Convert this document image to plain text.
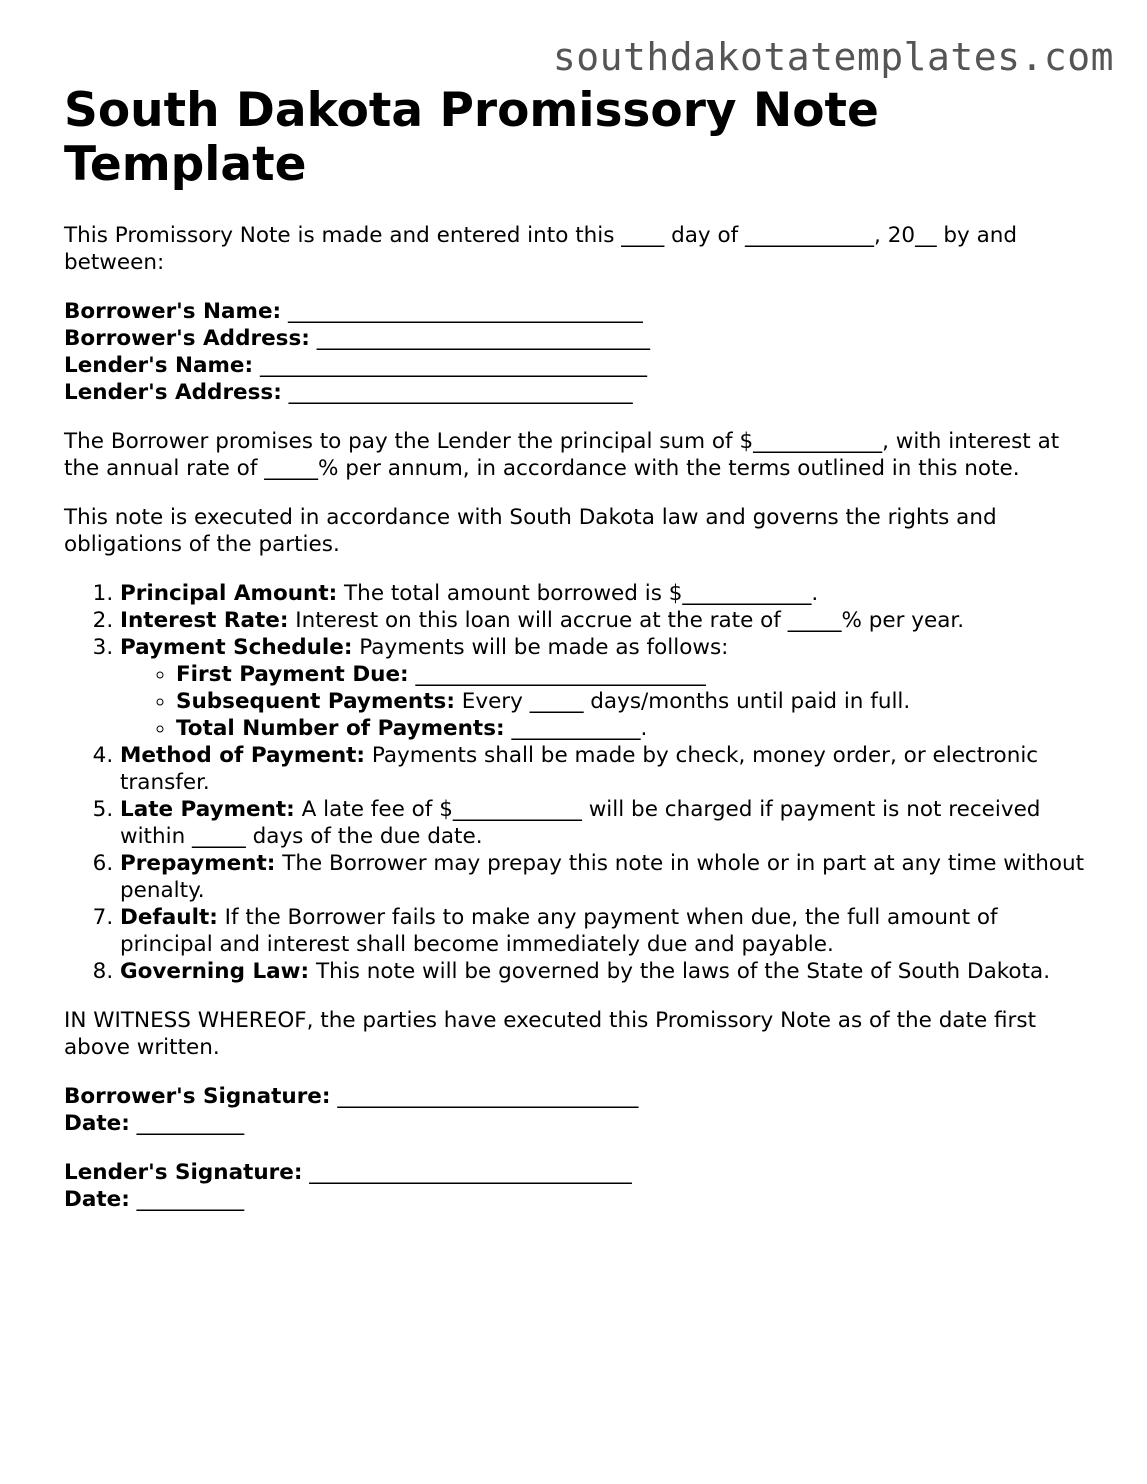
southdakotatemplates.com
South Dakota Promissory Note Template

This Promissory Note is made and entered into this ____ day of ____________, 20__ by and between:

Borrower's Name: _________________________________
Borrower's Address: _______________________________
Lender's Name: ____________________________________
Lender's Address: ________________________________

The Borrower promises to pay the Lender the principal sum of $____________, with interest at the annual rate of _____% per annum, in accordance with the terms outlined in this note.

This note is executed in accordance with South Dakota law and governs the rights and obligations of the parties.

1. Principal Amount: The total amount borrowed is $____________.
2. Interest Rate: Interest on this loan will accrue at the rate of _____% per year.
3. Payment Schedule: Payments will be made as follows:
◦ First Payment Due: ___________________________
◦ Subsequent Payments: Every _____ days/months until paid in full.
◦ Total Number of Payments: ____________.
4. Method of Payment: Payments shall be made by check, money order, or electronic transfer.
5. Late Payment: A late fee of $____________ will be charged if payment is not received within _____ days of the due date.
6. Prepayment: The Borrower may prepay this note in whole or in part at any time without penalty.
7. Default: If the Borrower fails to make any payment when due, the full amount of principal and interest shall become immediately due and payable.
8. Governing Law: This note will be governed by the laws of the State of South Dakota.

IN WITNESS WHEREOF, the parties have executed this Promissory Note as of the date first above written.

Borrower's Signature: ____________________________
Date: __________
Lender's Signature: ______________________________
Date: __________
